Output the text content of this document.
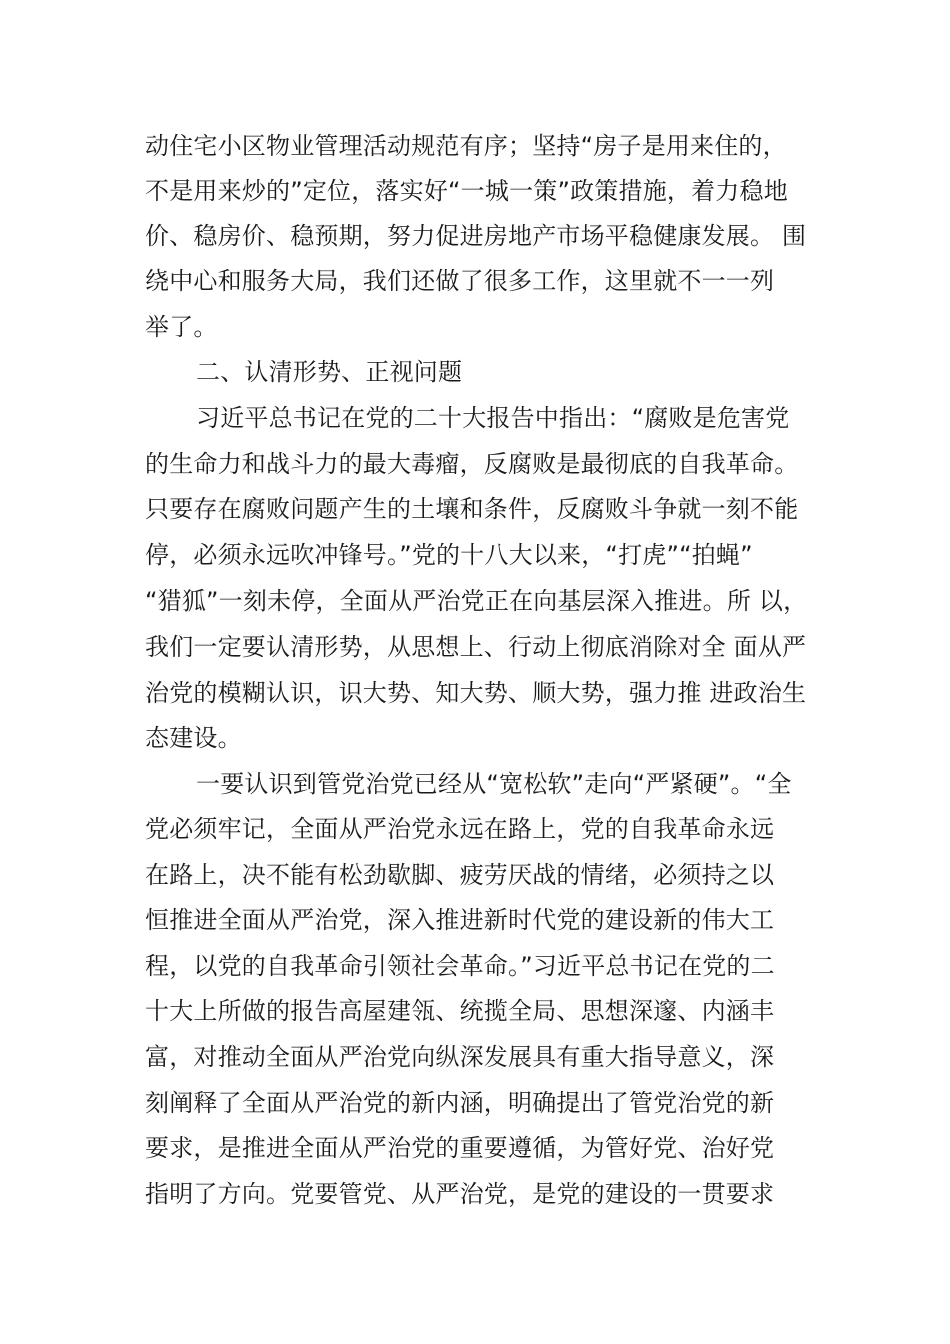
动住宅小区物业管理活动规范有序；坚持“房子是用来住的，
不是用来炒的”定位，落实好“一城一策”政策措施，着力稳地
价、稳房价、稳预期，努力促进房地产市场平稳健康发展。 围
绕中心和服务大局，我们还做了很多工作，这里就不一一列
举了。
二、认清形势、正视问题
习近平总书记在党的二十大报告中指出：“腐败是危害党
的生命力和战斗力的最大毒瘤，反腐败是最彻底的自我革命。
只要存在腐败问题产生的土壤和条件，反腐败斗争就一刻不能
停，必须永远吹冲锋号。”党的十八大以来，“打虎”“拍蝇”
“猎狐”一刻未停，全面从严治党正在向基层深入推进。所 以，
我们一定要认清形势，从思想上、行动上彻底消除对全 面从严
治党的模糊认识，识大势、知大势、顺大势，强力推 进政治生
态建设。
一要认识到管党治党已经从“宽松软”走向“严紧硬”。“全
党必须牢记，全面从严治党永远在路上，党的自我革命永远
在路上，决不能有松劲歇脚、疲劳厌战的情绪，必须持之以
恒推进全面从严治党，深入推进新时代党的建设新的伟大工
程，以党的自我革命引领社会革命。”习近平总书记在党的二
十大上所做的报告高屋建瓴、统揽全局、思想深邃、内涵丰
富，对推动全面从严治党向纵深发展具有重大指导意义，深
刻阐释了全面从严治党的新内涵，明确提出了管党治党的新
要求，是推进全面从严治党的重要遵循，为管好党、治好党
指明了方向。党要管党、从严治党，是党的建设的一贯要求
